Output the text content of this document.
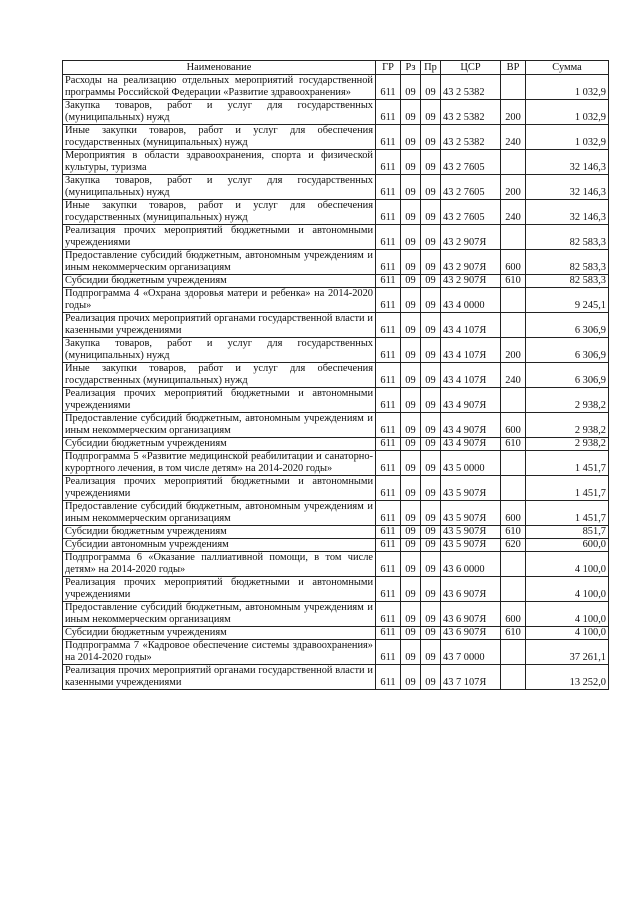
Наименование	ГР	Рз	Пр	ЦСР	ВР	Сумма
Расходы на реализацию отдельных мероприятий государственной программы Российской Федерации «Развитие здравоохранения»	611	09	09	43 2 5382		1 032,9
Закупка товаров, работ и услуг для государственных (муниципальных) нужд	611	09	09	43 2 5382	200	1 032,9
Иные закупки товаров, работ и услуг для обеспечения государственных (муниципальных) нужд	611	09	09	43 2 5382	240	1 032,9
Мероприятия в области здравоохранения, спорта и физической культуры, туризма	611	09	09	43 2 7605		32 146,3
Закупка товаров, работ и услуг для государственных (муниципальных) нужд	611	09	09	43 2 7605	200	32 146,3
Иные закупки товаров, работ и услуг для обеспечения государственных (муниципальных) нужд	611	09	09	43 2 7605	240	32 146,3
Реализация прочих мероприятий бюджетными и автономными учреждениями	611	09	09	43 2 907Я		82 583,3
Предоставление субсидий бюджетным, автономным учреждениям и иным некоммерческим организациям	611	09	09	43 2 907Я	600	82 583,3
Субсидии бюджетным учреждениям	611	09	09	43 2 907Я	610	82 583,3
Подпрограмма 4 «Охрана здоровья матери и ребенка» на 2014-2020 годы»	611	09	09	43 4 0000		9 245,1
Реализация прочих мероприятий органами государственной власти и казенными учреждениями	611	09	09	43 4 107Я		6 306,9
Закупка товаров, работ и услуг для государственных (муниципальных) нужд	611	09	09	43 4 107Я	200	6 306,9
Иные закупки товаров, работ и услуг для обеспечения государственных (муниципальных) нужд	611	09	09	43 4 107Я	240	6 306,9
Реализация прочих мероприятий бюджетными и автономными учреждениями	611	09	09	43 4 907Я		2 938,2
Предоставление субсидий бюджетным, автономным учреждениям и иным некоммерческим организациям	611	09	09	43 4 907Я	600	2 938,2
Субсидии бюджетным учреждениям	611	09	09	43 4 907Я	610	2 938,2
Подпрограмма 5 «Развитие медицинской реабилитации и санаторно-курортного лечения, в том числе детям» на 2014-2020 годы»	611	09	09	43 5 0000		1 451,7
Реализация прочих мероприятий бюджетными и автономными учреждениями	611	09	09	43 5 907Я		1 451,7
Предоставление субсидий бюджетным, автономным учреждениям и иным некоммерческим организациям	611	09	09	43 5 907Я	600	1 451,7
Субсидии бюджетным учреждениям	611	09	09	43 5 907Я	610	851,7
Субсидии автономным учреждениям	611	09	09	43 5 907Я	620	600,0
Подпрограмма 6 «Оказание паллиативной помощи, в том числе детям» на 2014-2020 годы»	611	09	09	43 6 0000		4 100,0
Реализация прочих мероприятий бюджетными и автономными учреждениями	611	09	09	43 6 907Я		4 100,0
Предоставление субсидий бюджетным, автономным учреждениям и иным некоммерческим организациям	611	09	09	43 6 907Я	600	4 100,0
Субсидии бюджетным учреждениям	611	09	09	43 6 907Я	610	4 100,0
Подпрограмма 7 «Кадровое обеспечение системы здравоохранения» на 2014-2020 годы»	611	09	09	43 7 0000		37 261,1
Реализация прочих мероприятий органами государственной власти и казенными учреждениями	611	09	09	43 7 107Я		13 252,0
